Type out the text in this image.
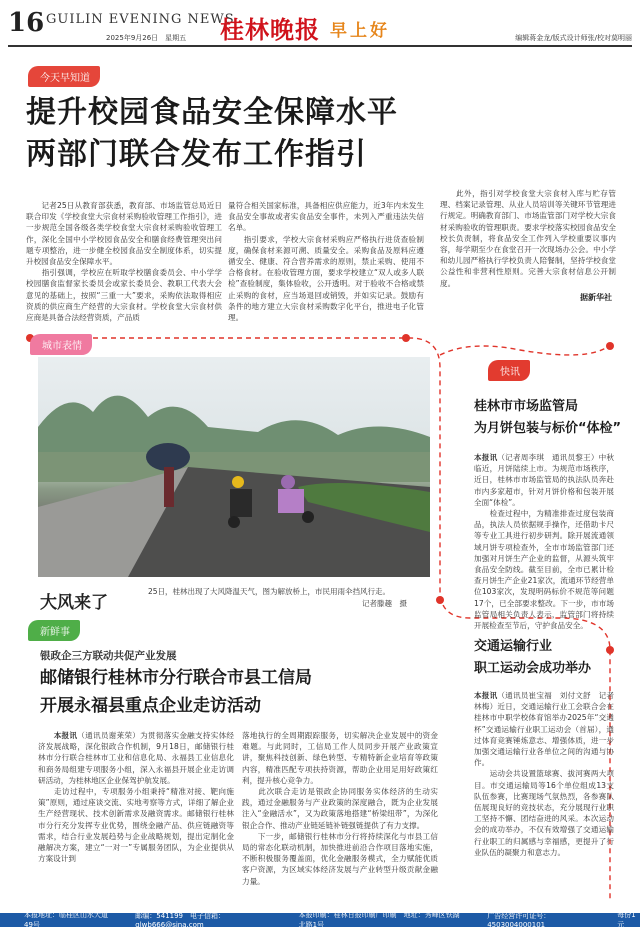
16 GUILIN EVENING NEWS
2025年9月26日　星期五 桂林晚报 早上好	编辑蒋金龙/版式设计师张/校对莫明丽
今天早知道
提升校园食品安全保障水平
两部门联合发布工作指引
　　记者25日从教育部获悉，教育部、市场监管总局近日联合印发《学校食堂大宗食材采购验收管理工作指引》，进一步规范全国各级各类学校食堂大宗食材采购验收管理工作，深化全国中小学校园食品安全和膳食经费管理突出问题专项整治，进一步健全校园食品安全制度体系，切实提升校园食品安全保障水平。
　　指引强调，学校应在听取学校膳食委员会、中小学学校园膳食监督家长委员会或家长委员会、教职工代表大会意见的基础上，按照“三重一大”要求，采购依法取得相应资质的供应商生产经营的大宗食材。学校食堂大宗食材供应商是具备合法经营资质，产品质
量符合相关国家标准，具备相应供应能力，近3年内未发生食品安全事故或者实食品安全事件，未列入严重违法失信名单。
　　指引要求，学校大宗食材采购应严格执行进货查验制度，确保食材来源可溯、质量安全。采购食品及原料应遵循安全、健康、符合营养需求的原则，禁止采购、使用不合格食材。在验收管理方面，要求学校建立“双人或多人联检”查验制度，集体验收，公开透明。对于验收不合格或禁止采购的食材，应当场退回或销毁，并如实记录。鼓励有条件的地方建立大宗食材采购数字化平台，推进电子化管理。
　　此外，指引对学校食堂大宗食材入库与贮存管理、档案记录管理、从业人员培训等关键环节管理进行规定。明确教育部门、市场监管部门对学校大宗食材采购验收的管理职责。要求学校落实校园食品安全校长负责制，将食品安全工作列入学校重要议事内容，每学期至少在食堂召开一次现场办公会。中小学和幼儿园严格执行学校负责人陪餐制，坚持学校食堂公益性和非营利性原则。完善大宗食材信息公开制度。
据新华社
城市表情
大风来了
25日，桂林出现了大风降温天气，图为解放桥上，市民用雨伞挡风行走。
记者滕趣　摄
快讯
桂林市市场监管局
为月饼包装与标价“体检”
本报讯（记者周李琪　通讯员黎王）中秋临近，月饼陆续上市。为规范市场秩序，近日，桂林市市场监管局的执法队员奔赴市内多家超市，针对月饼价格和包装开展全面“体检”。
　　检查过程中，为精准排查过度包装商品，执法人员依据规手操作，还借助卡尺等专业工具进行初步研判。除开展流通领域月饼专项检查外，全市市场监管部门还加强对月饼生产企业的监督，从源头筑牢食品安全防线。截至目前，全市已累计检查月饼生产企业21家次，流通环节经营单位103家次，发现明码标价不规范等问题17个，已全部要求整改。下一步，市市场监管局相关负责人表示，监管部门将持续开展检查至节后，守护食品安全。
交通运输行业
职工运动会成功举办
本报讯（通讯员崔宝福　刘付文舒　记者林梅）近日，交通运输行业工会联合会在桂林市中职学校体育馆举办2025年“交通杯”交通运输行业职工运动会（首届），通过体育竞赛锤炼意志、增强体质，进一步加强交通运输行业各单位之间的沟通与协作。
　　运动会共设置篮球赛、拔河赛两大项目。市交通运输局等16个单位组成13支队伍参赛，比赛现场气氛热烈，各参赛队伍展现良好的竞技状态，充分展现行业职工坚持不懈、团结奋进的风采。本次运动会的成功举办，不仅有效增强了交通运输行业职工的归属感与幸福感，更提升了行业队伍的凝聚力和意志力。
新鲜事
银政企三方联动共促产业发展
邮储银行桂林市分行联合市县工信局
开展永福县重点企业走访活动
　　本报讯（通讯员谢莱荣）为贯彻落实金融支持实体经济发展战略，深化银政合作机制，9月18日，邮储银行桂林市分行联合桂林市工业和信息化局、永福县工业信息化和商务局组建专项服务小组，深入永福县开展企业走访调研活动，为桂林地区企业保驾护航发展。
　　走访过程中，专项服务小组秉持“精准对接、靶向施策”原则，通过座谈交流、实地考察等方式，详细了解企业生产经营现状、技术创新需求及融资需求。邮储银行桂林市分行充分发挥专业优势，围绕金融产品、供应链融资等需求，结合行业发展趋势与企业战略规划，提出定制化金融解决方案，建立“一对一”专属服务团队，为企业提供从方案设计到
落地执行的全周期跟踪服务，切实解决企业发展中的资金难题。与此同时，工信局工作人员同步开展产业政策宣讲，聚焦科技创新、绿色转型、专精特新企业培育等政策内容，精准匹配专项扶持资源，帮助企业用足用好政策红利，提升核心竞争力。
　　此次联合走访是银政企协同服务实体经济的生动实践，通过金融服务与产业政策的深度融合，既为企业发展注入“金融活水”，又为政策落地搭建“桥梁纽带”，为深化银企合作、推动产业链延链补链强链提供了有力支撑。
　　下一步，邮储银行桂林市分行将持续深化与市县工信局的常态化联动机制，加快推进前沿合作项目落地实施，不断积极服务覆盖面，优化金融服务模式，全力赋能优质客户资源，为区域实体经济发展与产业转型升级贡献金融力量。
本报地址：临桂区山水大道49号
邮编：541199　电子信箱：glwb666@sina.com
本报印刷：桂林日报印刷厂印刷　地址：秀峰区铁湖北路1号
广告经营许可证号：4503004000101
每份1元
